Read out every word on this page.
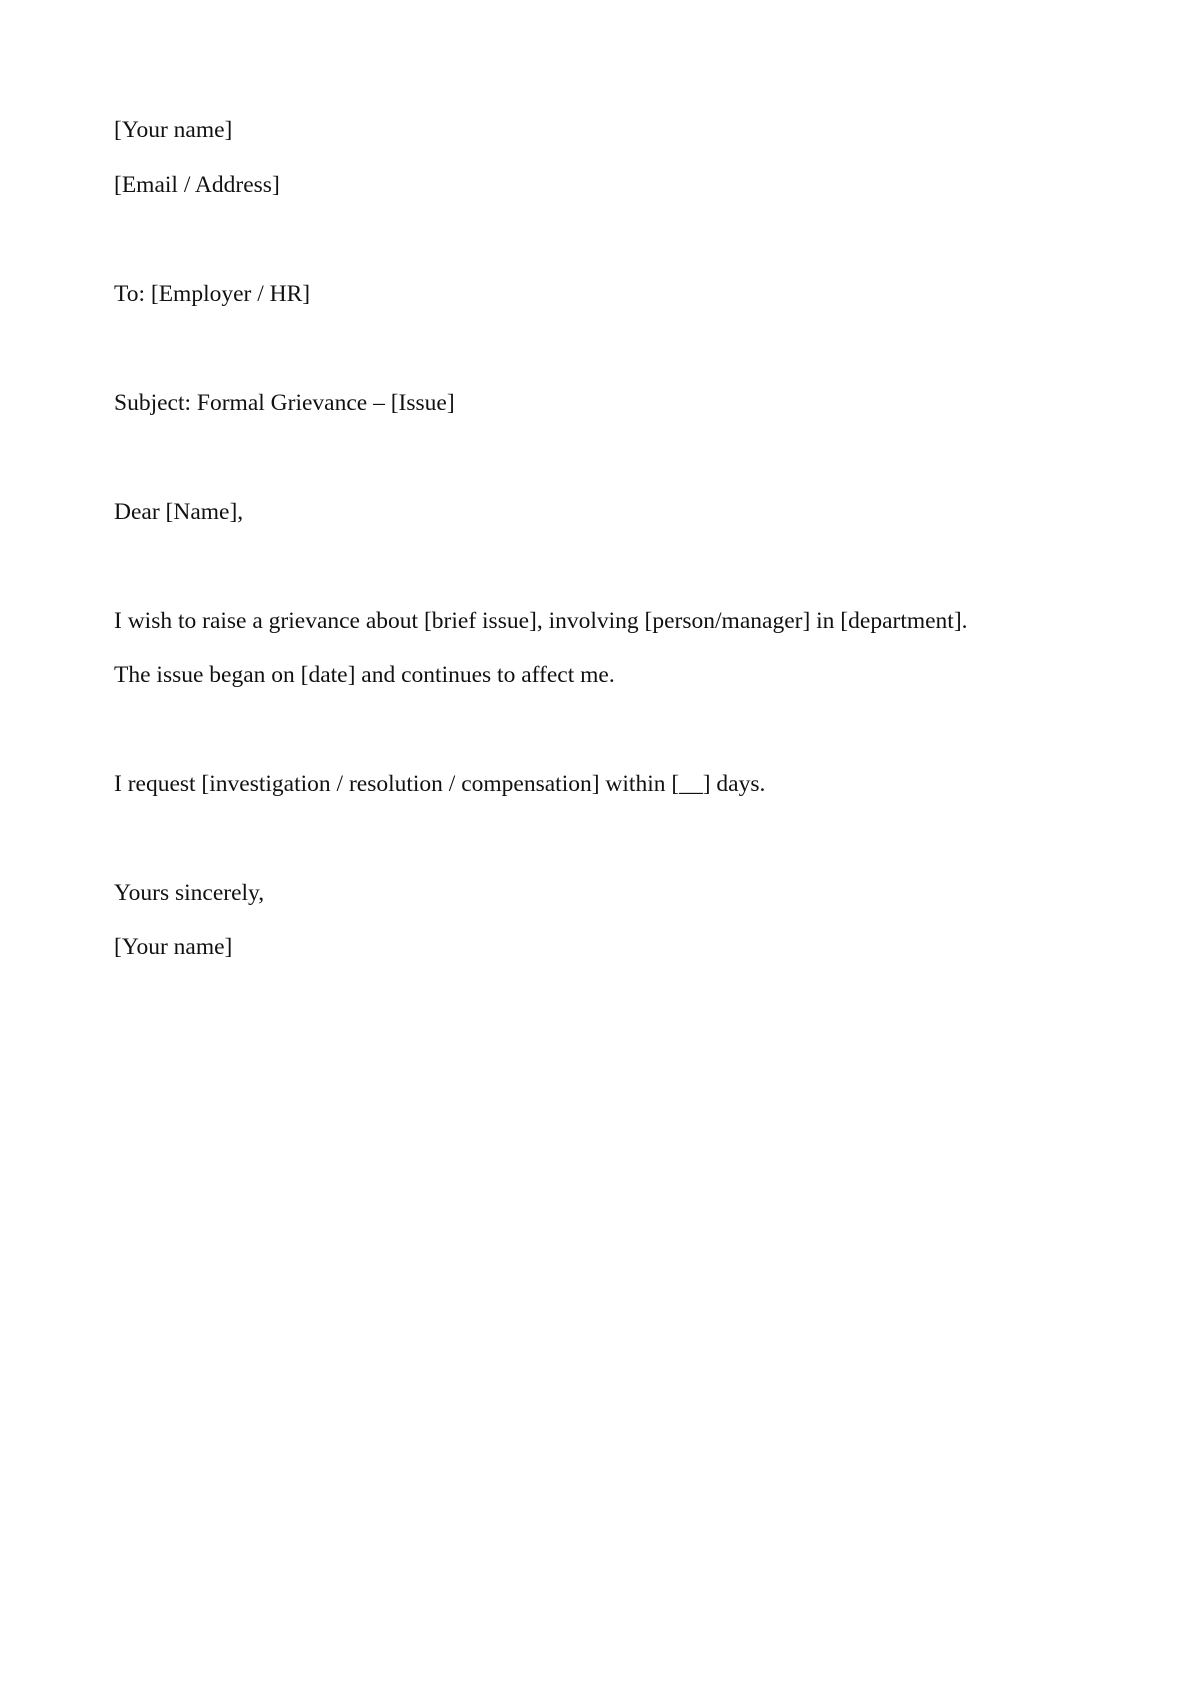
[Your name]

[Email / Address]

To: [Employer / HR]

Subject: Formal Grievance – [Issue]

Dear [Name],

I wish to raise a grievance about [brief issue], involving [person/manager] in [department].

The issue began on [date] and continues to affect me.

I request [investigation / resolution / compensation] within [__] days.

Yours sincerely,

[Your name]
